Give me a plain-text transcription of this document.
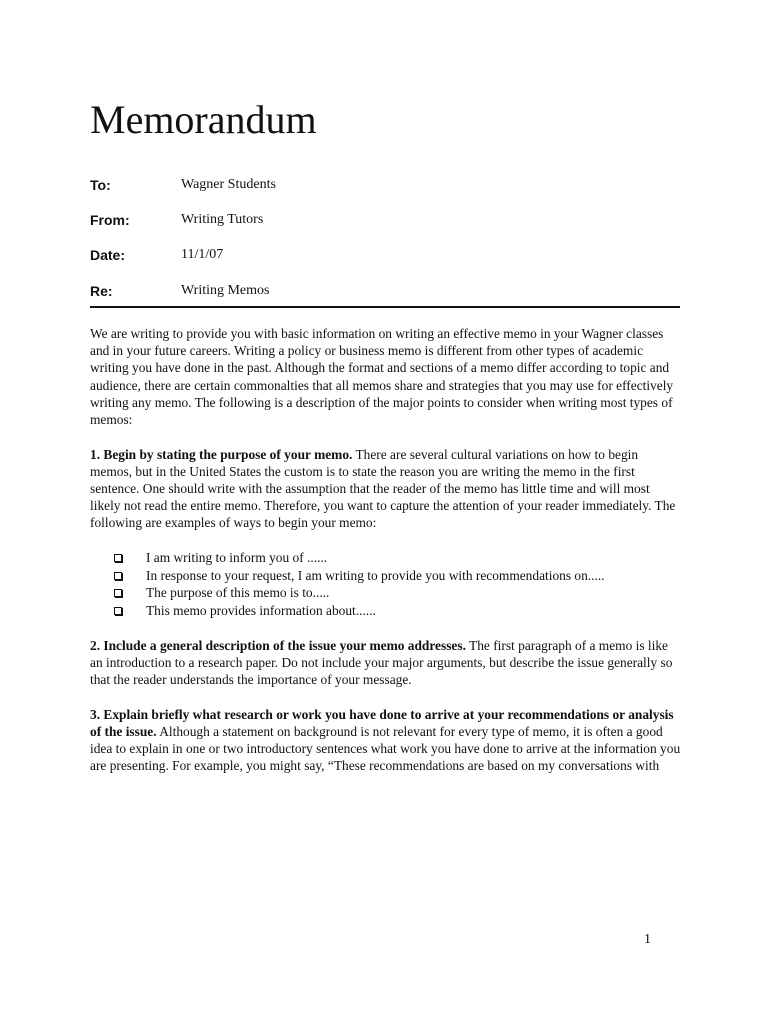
Memorandum
To:	Wagner Students
From:	Writing Tutors
Date:	11/1/07
Re:	Writing Memos

We are writing to provide you with basic information on writing an effective memo in your Wagner classes and in your future careers. Writing a policy or business memo is different from other types of academic writing you have done in the past. Although the format and sections of a memo differ according to topic and audience, there are certain commonalties that all memos share and strategies that you may use for effectively writing any memo. The following is a description of the major points to consider when writing most types of memos:

1. Begin by stating the purpose of your memo. There are several cultural variations on how to begin memos, but in the United States the custom is to state the reason you are writing the memo in the first sentence. One should write with the assumption that the reader of the memo has little time and will most likely not read the entire memo. Therefore, you want to capture the attention of your reader immediately. The following are examples of ways to begin your memo:

I am writing to inform you of ......
In response to your request, I am writing to provide you with recommendations on.....
The purpose of this memo is to.....
This memo provides information about......

2. Include a general description of the issue your memo addresses. The first paragraph of a memo is like an introduction to a research paper. Do not include your major arguments, but describe the issue generally so that the reader understands the importance of your message.

3. Explain briefly what research or work you have done to arrive at your recommendations or analysis of the issue. Although a statement on background is not relevant for every type of memo, it is often a good idea to explain in one or two introductory sentences what work you have done to arrive at the information you are presenting. For example, you might say, “These recommendations are based on my conversations with

1
